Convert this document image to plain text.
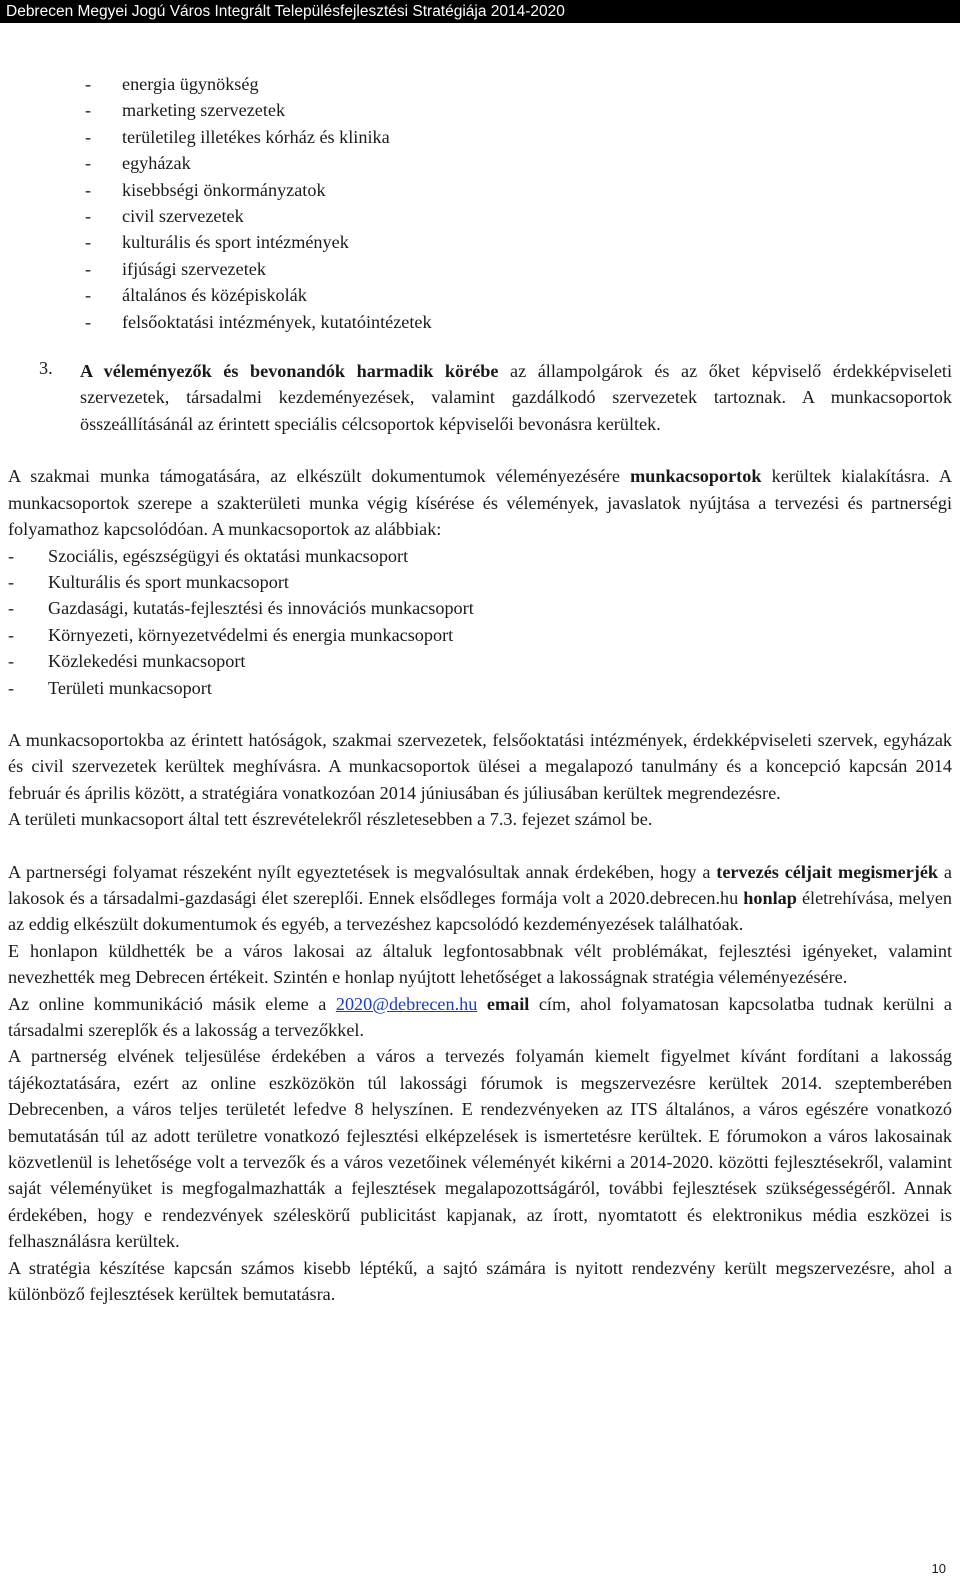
Debrecen Megyei Jogú Város Integrált Településfejlesztési Stratégiája 2014-2020
- energia ügynökség
- marketing szervezetek
- területileg illetékes kórház és klinika
- egyházak
- kisebbségi önkormányzatok
- civil szervezetek
- kulturális és sport intézmények
- ifjúsági szervezetek
- általános és középiskolák
- felsőoktatási intézmények, kutatóintézetek
3. A véleményezők és bevonandók harmadik körébe az állampolgárok és az őket képviselő érdekképviseleti szervezetek, társadalmi kezdeményezések, valamint gazdálkodó szervezetek tartoznak. A munkacsoportok összeállításánál az érintett speciális célcsoportok képviselői bevonásra kerültek.

A szakmai munka támogatására, az elkészült dokumentumok véleményezésére munkacsoportok kerültek kialakításra. A munkacsoportok szerepe a szakterületi munka végig kísérése és vélemények, javaslatok nyújtása a tervezési és partnerségi folyamathoz kapcsolódóan. A munkacsoportok az alábbiak:

- Szociális, egészségügyi és oktatási munkacsoport
- Kulturális és sport munkacsoport
- Gazdasági, kutatás-fejlesztési és innovációs munkacsoport
- Környezeti, környezetvédelmi és energia munkacsoport
- Közlekedési munkacsoport
- Területi munkacsoport

A munkacsoportokba az érintett hatóságok, szakmai szervezetek, felsőoktatási intézmények, érdekképviseleti szervek, egyházak és civil szervezetek kerültek meghívásra. A munkacsoportok ülései a megalapozó tanulmány és a koncepció kapcsán 2014 február és április között, a stratégiára vonatkozóan 2014 júniusában és júliusában kerültek megrendezésre.

A területi munkacsoport által tett észrevételekről részletesebben a 7.3. fejezet számol be.

A partnerségi folyamat részeként nyílt egyeztetések is megvalósultak annak érdekében, hogy a tervezés céljait megismerjék a lakosok és a társadalmi-gazdasági élet szereplői. Ennek elsődleges formája volt a 2020.debrecen.hu honlap életrehívása, melyen az eddig elkészült dokumentumok és egyéb, a tervezéshez kapcsolódó kezdeményezések találhatóak.

E honlapon küldhették be a város lakosai az általuk legfontosabbnak vélt problémákat, fejlesztési igényeket, valamint nevezhették meg Debrecen értékeit. Szintén e honlap nyújtott lehetőséget a lakosságnak stratégia véleményezésére.

Az online kommunikáció másik eleme a 2020@debrecen.hu email cím, ahol folyamatosan kapcsolatba tudnak kerülni a társadalmi szereplők és a lakosság a tervezőkkel.

A partnerség elvének teljesülése érdekében a város a tervezés folyamán kiemelt figyelmet kívánt fordítani a lakosság tájékoztatására, ezért az online eszközökön túl lakossági fórumok is megszervezésre kerültek 2014. szeptemberében Debrecenben, a város teljes területét lefedve 8 helyszínen. E rendezvényeken az ITS általános, a város egészére vonatkozó bemutatásán túl az adott területre vonatkozó fejlesztési elképzelések is ismertetésre kerültek. E fórumokon a város lakosainak közvetlenül is lehetősége volt a tervezők és a város vezetőinek véleményét kikérni a 2014-2020. közötti fejlesztésekről, valamint saját véleményüket is megfogalmazhatták a fejlesztések megalapozottságáról, további fejlesztések szükségességéről. Annak érdekében, hogy e rendezvények széleskörű publicitást kapjanak, az írott, nyomtatott és elektronikus média eszközei is felhasználásra kerültek.

A stratégia készítése kapcsán számos kisebb léptékű, a sajtó számára is nyitott rendezvény került megszervezésre, ahol a különböző fejlesztések kerültek bemutatásra.

10
